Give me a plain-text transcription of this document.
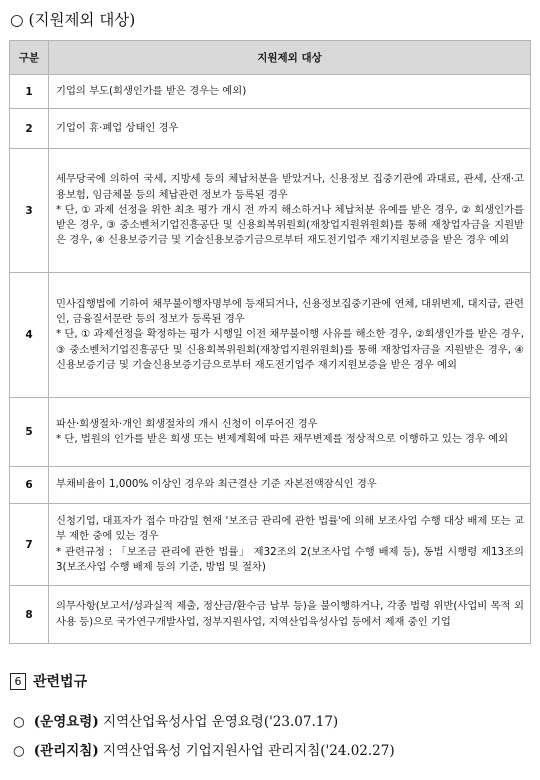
○ (지원제외 대상)
구분	지원제외 대상
1	기업의 부도(회생인가를 받은 경우는 예외)

2	기업이 휴·폐업 상태인 경우

3	세무당국에 의하여 국세, 지방세 등의 체납처분을 받았거나, 신용정보 집중기관에 과대료, 관세, 산재·고용보험, 임금체불 등의 체납관련 정보가 등록된 경우
* 단, ① 과제 선정을 위한 최초 평가 개시 전 까지 해소하거나 체납처분 유예를 받은 경우, ② 회생인가를 받은 경우, ③ 중소벤처기업진흥공단 및 신용회복위원회(재창업지원위원회)를 통해 재창업자금을 지원받은 경우, ④ 신용보증기금 및 기술신용보증기금으로부터 재도전기업주 재기지원보증을 받은 경우 예외

4	민사집행법에 기하여 채무불이행자명부에 등재되거나, 신용정보집중기관에 연체, 대위변제, 대지급, 관련인, 금융질서문란 등의 정보가 등록된 경우
* 단, ① 과제선정을 확정하는 평가 시행일 이전 채무불이행 사유를 해소한 경우, ②회생인가를 받은 경우, ③ 중소벤처기업진흥공단 및 신용회복위원회(재창업지원위원회)를 통해 재창업자금을 지원받은 경우, ④ 신용보증기금 및 기술신용보증기금으로부터 재도전기업주 재기지원보증을 받은 경우 예외

5	파산·회생절차·개인 회생절차의 개시 신청이 이루어진 경우
* 단, 법원의 인가를 받은 회생 또는 변제계획에 따른 채무변제를 정상적으로 이행하고 있는 경우 예외

6	부채비율이 1,000% 이상인 경우와 최근결산 기준 자본전액잠식인 경우

7	신청기업, 대표자가 접수 마감일 현재 '보조금 관리에 관한 법률'에 의해 보조사업 수행 대상 배제 또는 교부 제한 중에 있는 경우
* 관련규정 : 「보조금 관리에 관한 법률」 제32조의 2(보조사업 수행 배제 등), 동법 시행령 제13조의3(보조사업 수행 배제 등의 기준, 방법 및 절차)

8	의무사항(보고서/성과실적 제출, 정산금/환수금 납부 등)을 불이행하거나, 각종 법령 위반(사업비 목적 외 사용 등)으로 국가연구개발사업, 정부지원사업, 지역산업육성사업 등에서 제재 중인 기업
6 관련법규
○ (운영요령) 지역산업육성사업 운영요령('23.07.17)
○ (관리지침) 지역산업육성 기업지원사업 관리지침('24.02.27)
